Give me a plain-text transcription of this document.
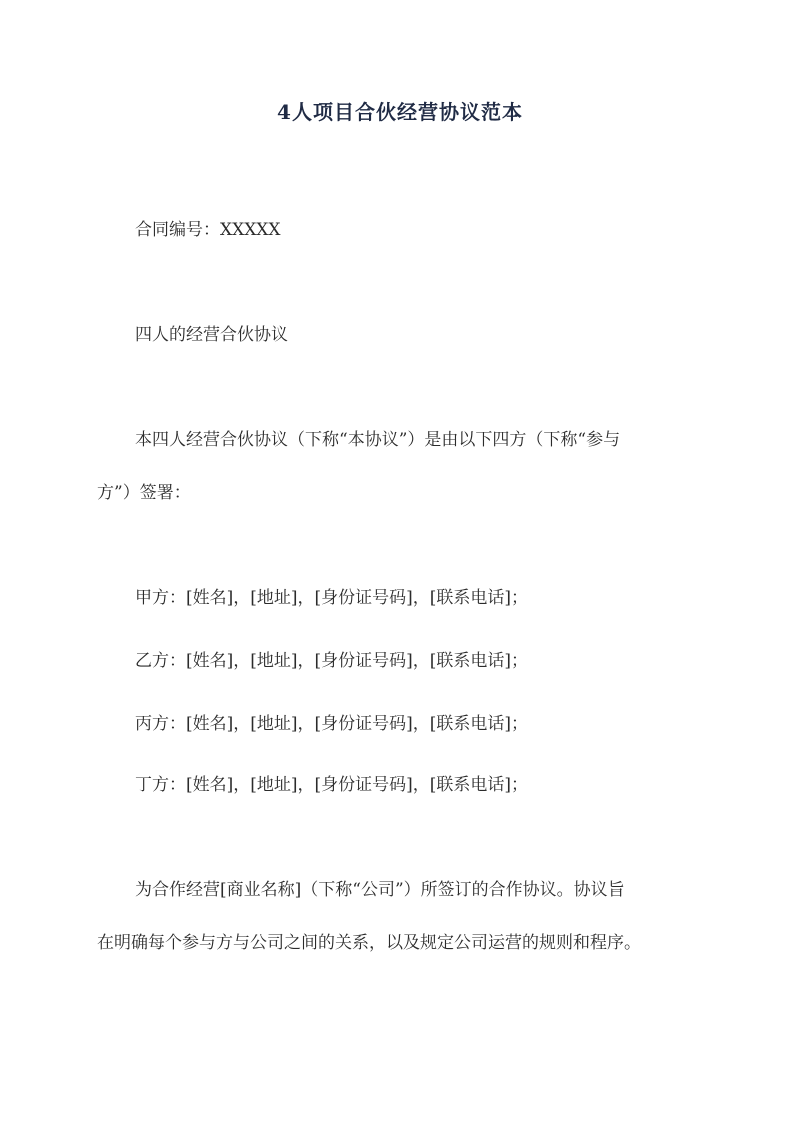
4人项目合伙经营协议范本
合同编号：XXXXX
四人的经营合伙协议
本四人经营合伙协议（下称“本协议”）是由以下四方（下称“参与
方”）签署：
甲方：[姓名]，[地址]，[身份证号码]，[联系电话]；
乙方：[姓名]，[地址]，[身份证号码]，[联系电话]；
丙方：[姓名]，[地址]，[身份证号码]，[联系电话]；
丁方：[姓名]，[地址]，[身份证号码]，[联系电话]；
为合作经营[商业名称]（下称“公司”）所签订的合作协议。协议旨
在明确每个参与方与公司之间的关系，以及规定公司运营的规则和程序。
